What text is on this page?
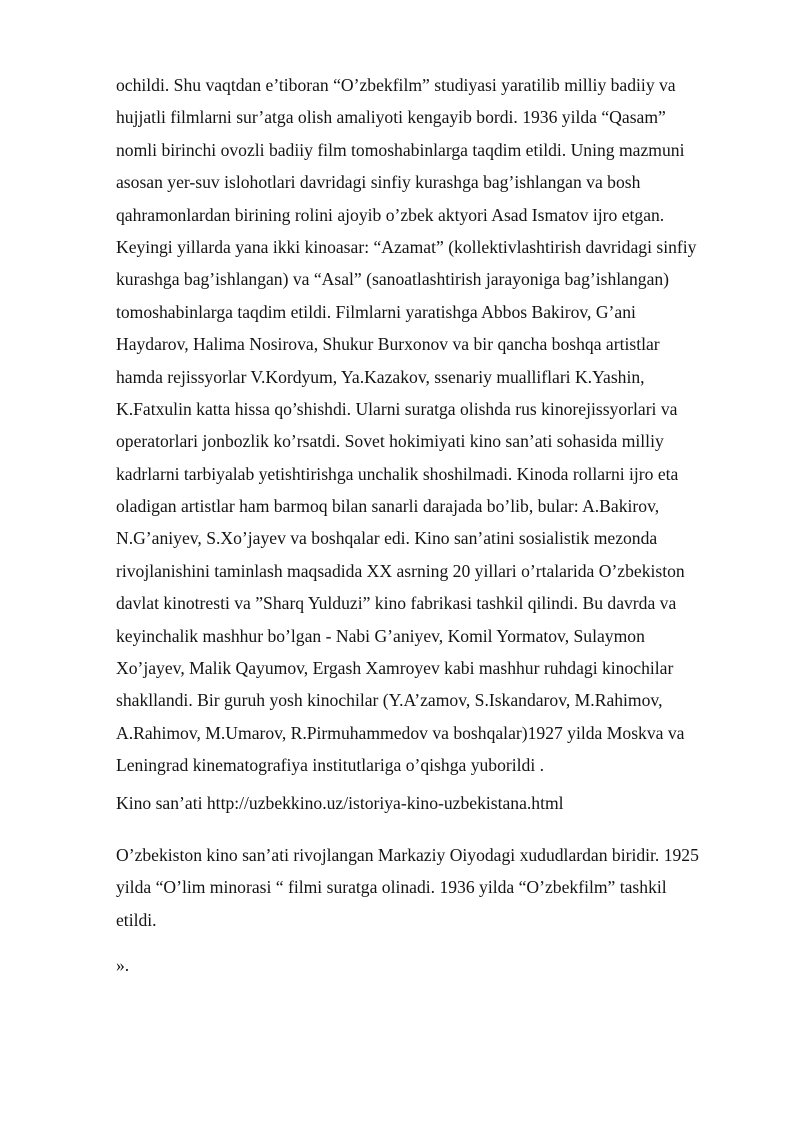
ochildi. Shu vaqtdan e’tiboran “O’zbekfilm” studiyasi yaratilib milliy badiiy va
hujjatli filmlarni sur’atga olish amaliyoti kengayib bordi. 1936 yilda “Qasam”
nomli birinchi ovozli badiiy film tomoshabinlarga taqdim etildi. Uning mazmuni
asosan yer-suv islohotlari davridagi sinfiy kurashga bag’ishlangan va bosh
qahramonlardan birining rolini ajoyib o’zbek aktyori Asad Ismatov ijro etgan.
Keyingi yillarda yana ikki kinoasar: “Azamat” (kollektivlashtirish davridagi sinfiy
kurashga bag’ishlangan) va “Asal” (sanoatlashtirish jarayoniga bag’ishlangan)
tomoshabinlarga taqdim etildi. Filmlarni yaratishga Abbos Bakirov, G’ani
Haydarov, Halima Nosirova, Shukur Burxonov va bir qancha boshqa artistlar
hamda rejissyorlar V.Kordyum, Ya.Kazakov, ssenariy mualliflari K.Yashin,
K.Fatxulin katta hissa qo’shishdi. Ularni suratga olishda rus kinorejissyorlari va
operatorlari jonbozlik ko’rsatdi. Sovet hokimiyati kino san’ati sohasida milliy
kadrlarni tarbiyalab yetishtirishga unchalik shoshilmadi. Kinoda rollarni ijro eta
oladigan artistlar ham barmoq bilan sanarli darajada bo’lib, bular: A.Bakirov,
N.G’aniyev, S.Xo’jayev va boshqalar edi. Kino san’atini sosialistik mezonda
rivojlanishini taminlash maqsadida XX asrning 20 yillari o’rtalarida O’zbekiston
davlat kinotresti va ”Sharq Yulduzi” kino fabrikasi tashkil qilindi. Bu davrda va
keyinchalik mashhur bo’lgan - Nabi G’aniyev, Komil Yormatov, Sulaymon
Xo’jayev, Malik Qayumov, Ergash Xamroyev kabi mashhur ruhdagi kinochilar
shakllandi. Bir guruh yosh kinochilar (Y.A’zamov, S.Iskandarov, M.Rahimov,
A.Rahimov, M.Umarov, R.Pirmuhammedov va boshqalar)1927 yilda Moskva va
Leningrad kinematografiya institutlariga o’qishga yuborildi .
Kino san’ati http://uzbekkino.uz/istoriya-kino-uzbekistana.html
O’zbekiston kino san’ati rivojlangan Markaziy Oiyodagi xududlardan biridir. 1925
yilda “O’lim minorasi “ filmi suratga olinadi. 1936 yilda “O’zbekfilm” tashkil
etildi.
».
